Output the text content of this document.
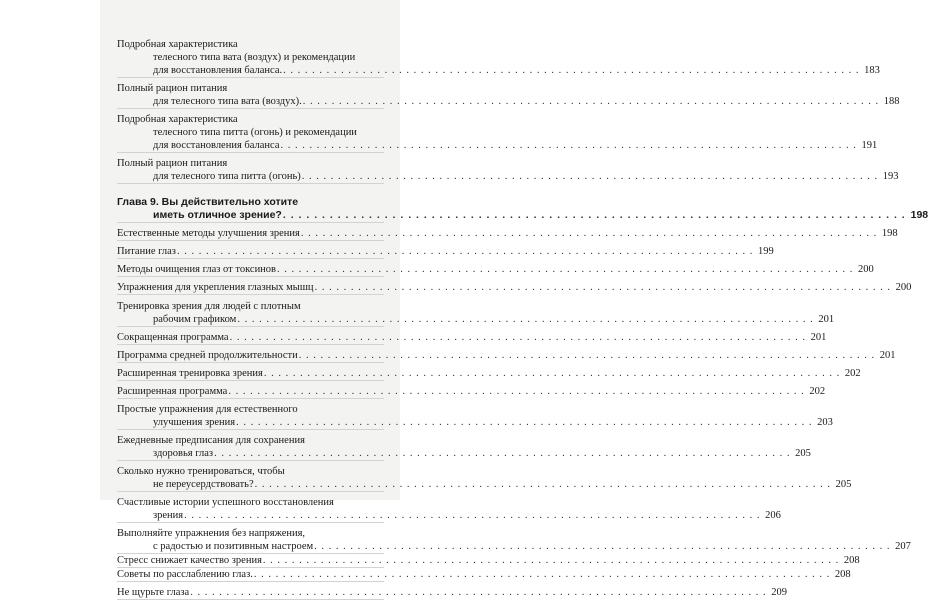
Подробная характеристика
телесного типа вата (воздух) и рекомендации
для восстановления баланса.. . . . . . . . . . . . . . . . . . . . . . . . . . . . . . . . . . . . . . . . . . . . . . . . . . . . . . . . . . . . . . . . . . . . . . . . . . . . . . . . 183
Полный рацион питания
для телесного типа вата (воздух).. . . . . . . . . . . . . . . . . . . . . . . . . . . . . . . . . . . . . . . . . . . . . . . . . . . . . . . . . . . . . . . . . . . . . . . . . . . . . . . . 188
Подробная характеристика
телесного типа питта (огонь) и рекомендации
для восстановления баланса. . . . . . . . . . . . . . . . . . . . . . . . . . . . . . . . . . . . . . . . . . . . . . . . . . . . . . . . . . . . . . . . . . . . . . . . . . . . . . . . 191
Полный рацион питания
для телесного типа питта (огонь). . . . . . . . . . . . . . . . . . . . . . . . . . . . . . . . . . . . . . . . . . . . . . . . . . . . . . . . . . . . . . . . . . . . . . . . . . . . . . . . 193
Глава 9. Вы действительно хотите
иметь отличное зрение?. . . . . . . . . . . . . . . . . . . . . . . . . . . . . . . . . . . . . . . . . . . . . . . . . . . . . . . . . . . . . . . . . . . . . . . . . . . . . . . . 198
Естественные методы улучшения зрения. . . . . . . . . . . . . . . . . . . . . . . . . . . . . . . . . . . . . . . . . . . . . . . . . . . . . . . . . . . . . . . . . . . . . . . . . . . . . . . . 198
Питание глаз. . . . . . . . . . . . . . . . . . . . . . . . . . . . . . . . . . . . . . . . . . . . . . . . . . . . . . . . . . . . . . . . . . . . . . . . . . . . . . . . 199
Методы очищения глаз от токсинов. . . . . . . . . . . . . . . . . . . . . . . . . . . . . . . . . . . . . . . . . . . . . . . . . . . . . . . . . . . . . . . . . . . . . . . . . . . . . . . . 200
Упражнения для укрепления глазных мышц. . . . . . . . . . . . . . . . . . . . . . . . . . . . . . . . . . . . . . . . . . . . . . . . . . . . . . . . . . . . . . . . . . . . . . . . . . . . . . . . 200
Тренировка зрения для людей с плотным
рабочим графиком. . . . . . . . . . . . . . . . . . . . . . . . . . . . . . . . . . . . . . . . . . . . . . . . . . . . . . . . . . . . . . . . . . . . . . . . . . . . . . . . 201
Сокращенная программа. . . . . . . . . . . . . . . . . . . . . . . . . . . . . . . . . . . . . . . . . . . . . . . . . . . . . . . . . . . . . . . . . . . . . . . . . . . . . . . . 201
Программа средней продолжительности. . . . . . . . . . . . . . . . . . . . . . . . . . . . . . . . . . . . . . . . . . . . . . . . . . . . . . . . . . . . . . . . . . . . . . . . . . . . . . . . 201
Расширенная тренировка зрения. . . . . . . . . . . . . . . . . . . . . . . . . . . . . . . . . . . . . . . . . . . . . . . . . . . . . . . . . . . . . . . . . . . . . . . . . . . . . . . . 202
Расширенная программа. . . . . . . . . . . . . . . . . . . . . . . . . . . . . . . . . . . . . . . . . . . . . . . . . . . . . . . . . . . . . . . . . . . . . . . . . . . . . . . . 202
Простые упражнения для естественного
улучшения зрения. . . . . . . . . . . . . . . . . . . . . . . . . . . . . . . . . . . . . . . . . . . . . . . . . . . . . . . . . . . . . . . . . . . . . . . . . . . . . . . . 203
Ежедневные предписания для сохранения
здоровья глаз. . . . . . . . . . . . . . . . . . . . . . . . . . . . . . . . . . . . . . . . . . . . . . . . . . . . . . . . . . . . . . . . . . . . . . . . . . . . . . . . 205
Сколько нужно тренироваться, чтобы
не переусердствовать?. . . . . . . . . . . . . . . . . . . . . . . . . . . . . . . . . . . . . . . . . . . . . . . . . . . . . . . . . . . . . . . . . . . . . . . . . . . . . . . . 205
Счастливые истории успешного восстановления
зрения. . . . . . . . . . . . . . . . . . . . . . . . . . . . . . . . . . . . . . . . . . . . . . . . . . . . . . . . . . . . . . . . . . . . . . . . . . . . . . . . 206
Выполняйте упражнения без напряжения,
с радостью и позитивным настроем. . . . . . . . . . . . . . . . . . . . . . . . . . . . . . . . . . . . . . . . . . . . . . . . . . . . . . . . . . . . . . . . . . . . . . . . . . . . . . . . 207
Стресс снижает качество зрения. . . . . . . . . . . . . . . . . . . . . . . . . . . . . . . . . . . . . . . . . . . . . . . . . . . . . . . . . . . . . . . . . . . . . . . . . . . . . . . . 208
Советы по расслаблению глаз.. . . . . . . . . . . . . . . . . . . . . . . . . . . . . . . . . . . . . . . . . . . . . . . . . . . . . . . . . . . . . . . . . . . . . . . . . . . . . . . . 208
Не щурьте глаза. . . . . . . . . . . . . . . . . . . . . . . . . . . . . . . . . . . . . . . . . . . . . . . . . . . . . . . . . . . . . . . . . . . . . . . . . . . . . . . . 209
